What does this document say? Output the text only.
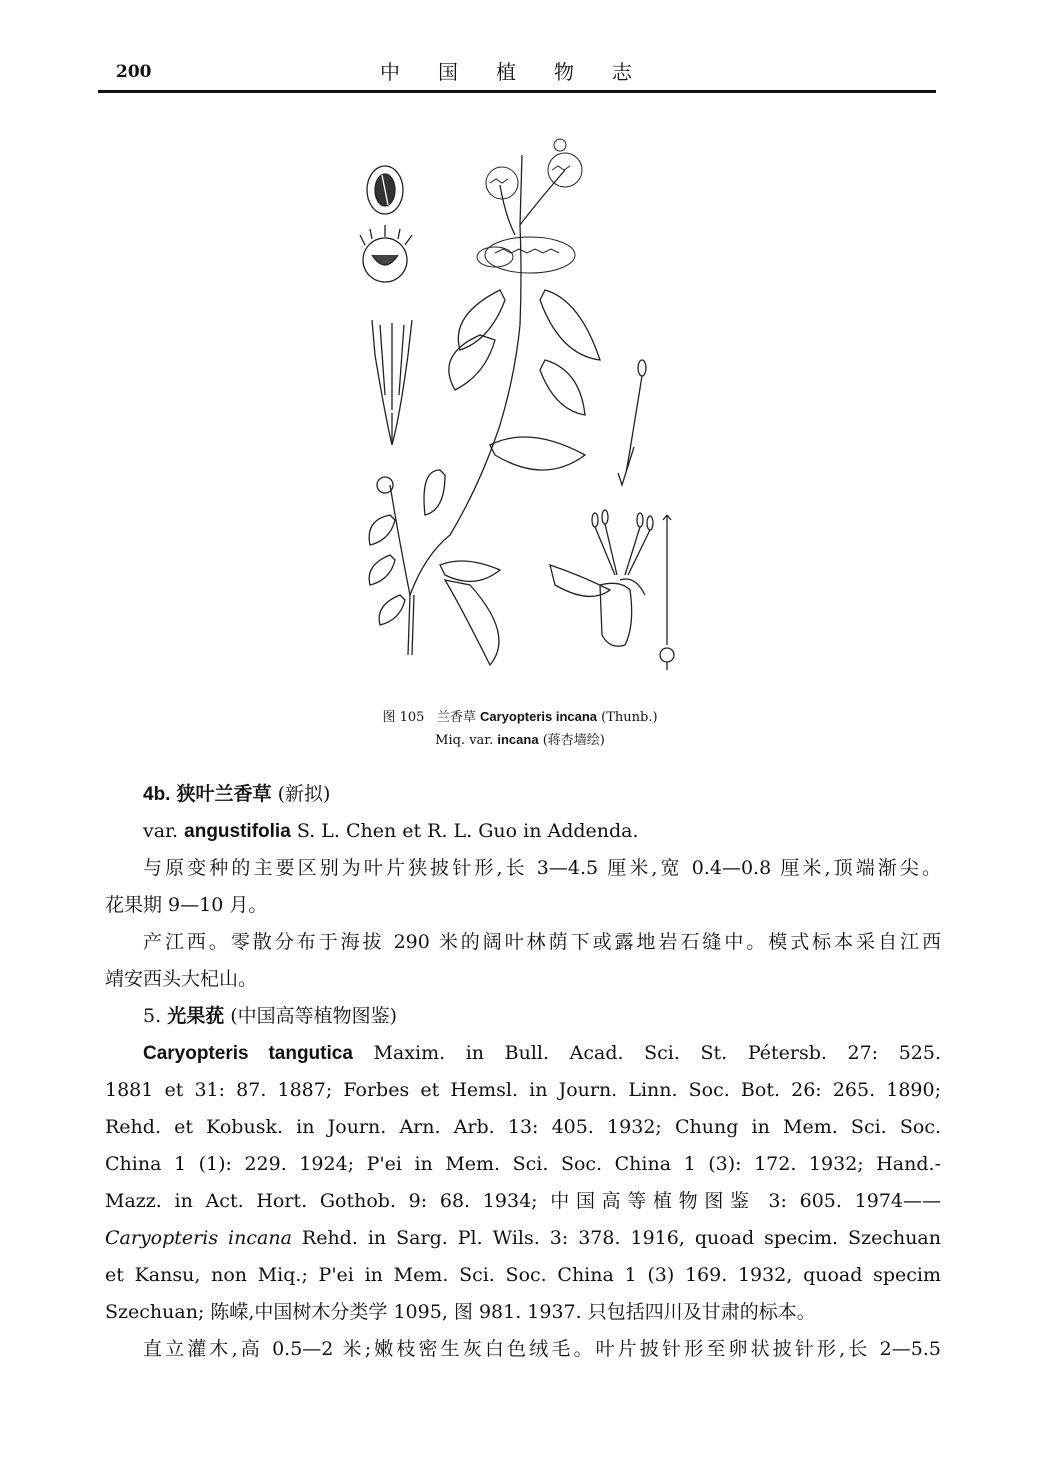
200	中国植物志
图 105 兰香草 Caryopteris incana (Thunb.)
Miq. var. incana (蒋杏墙绘)

4b. 狭叶兰香草 (新拟)

var. angustifolia S. L. Chen et R. L. Guo in Addenda.

与原变种的主要区别为叶片狭披针形,长 3—4.5 厘米,宽 0.4—0.8 厘米,顶端渐尖。

花果期 9—10 月。

产江西。零散分布于海拔 290 米的阔叶林荫下或露地岩石缝中。模式标本采自江西

靖安西头大杞山。

5. 光果莸 (中国高等植物图鉴)

Caryopteris tangutica Maxim. in Bull. Acad. Sci. St. Pétersb. 27: 525.

1881 et 31: 87. 1887; Forbes et Hemsl. in Journ. Linn. Soc. Bot. 26: 265. 1890;

Rehd. et Kobusk. in Journ. Arn. Arb. 13: 405. 1932; Chung in Mem. Sci. Soc.

China 1 (1): 229. 1924; P'ei in Mem. Sci. Soc. China 1 (3): 172. 1932; Hand.-

Mazz. in Act. Hort. Gothob. 9: 68. 1934; 中国高等植物图鉴 3: 605. 1974——

Caryopteris incana Rehd. in Sarg. Pl. Wils. 3: 378. 1916, quoad specim. Szechuan

et Kansu, non Miq.; P'ei in Mem. Sci. Soc. China 1 (3) 169. 1932, quoad specim

Szechuan; 陈嵘,中国树木分类学 1095, 图 981. 1937. 只包括四川及甘肃的标本。

直立灌木,高 0.5—2 米;嫩枝密生灰白色绒毛。叶片披针形至卵状披针形,长 2—5.5
